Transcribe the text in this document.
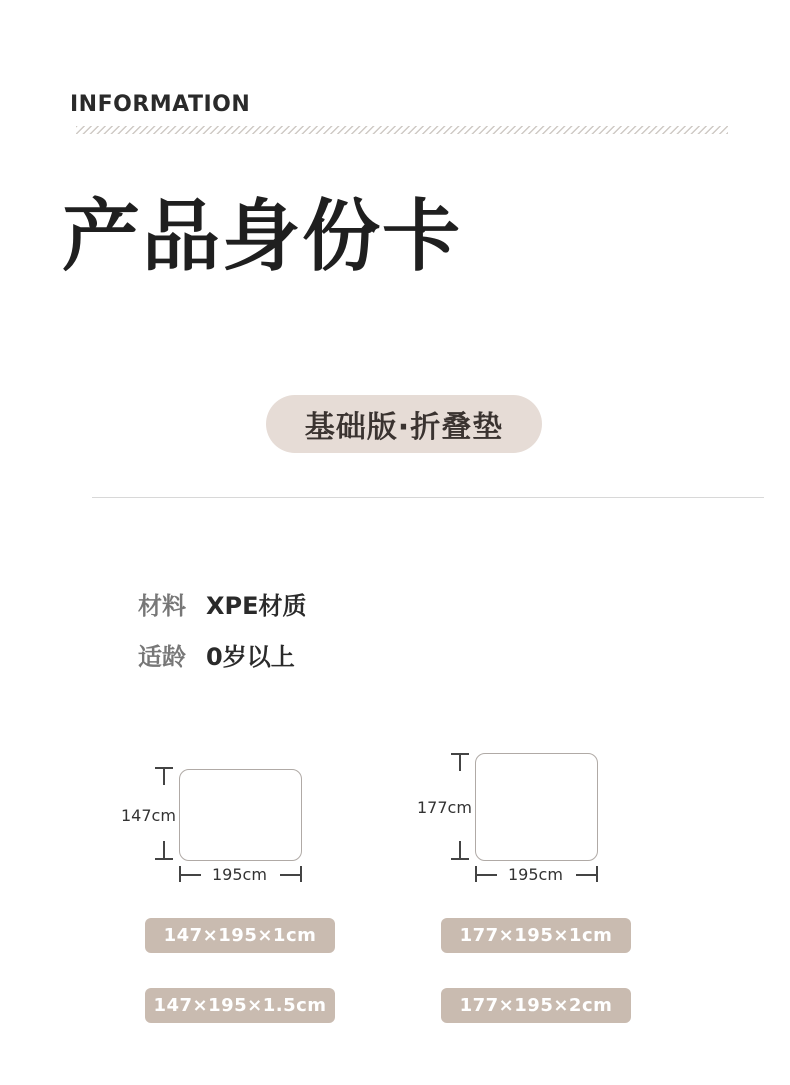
INFORMATION
产品身份卡
基础版·折叠垫
材料 XPE材质
适龄 0岁以上
147cm
195cm
177cm
195cm
147×195×1cm
147×195×1.5cm
177×195×1cm
177×195×2cm
